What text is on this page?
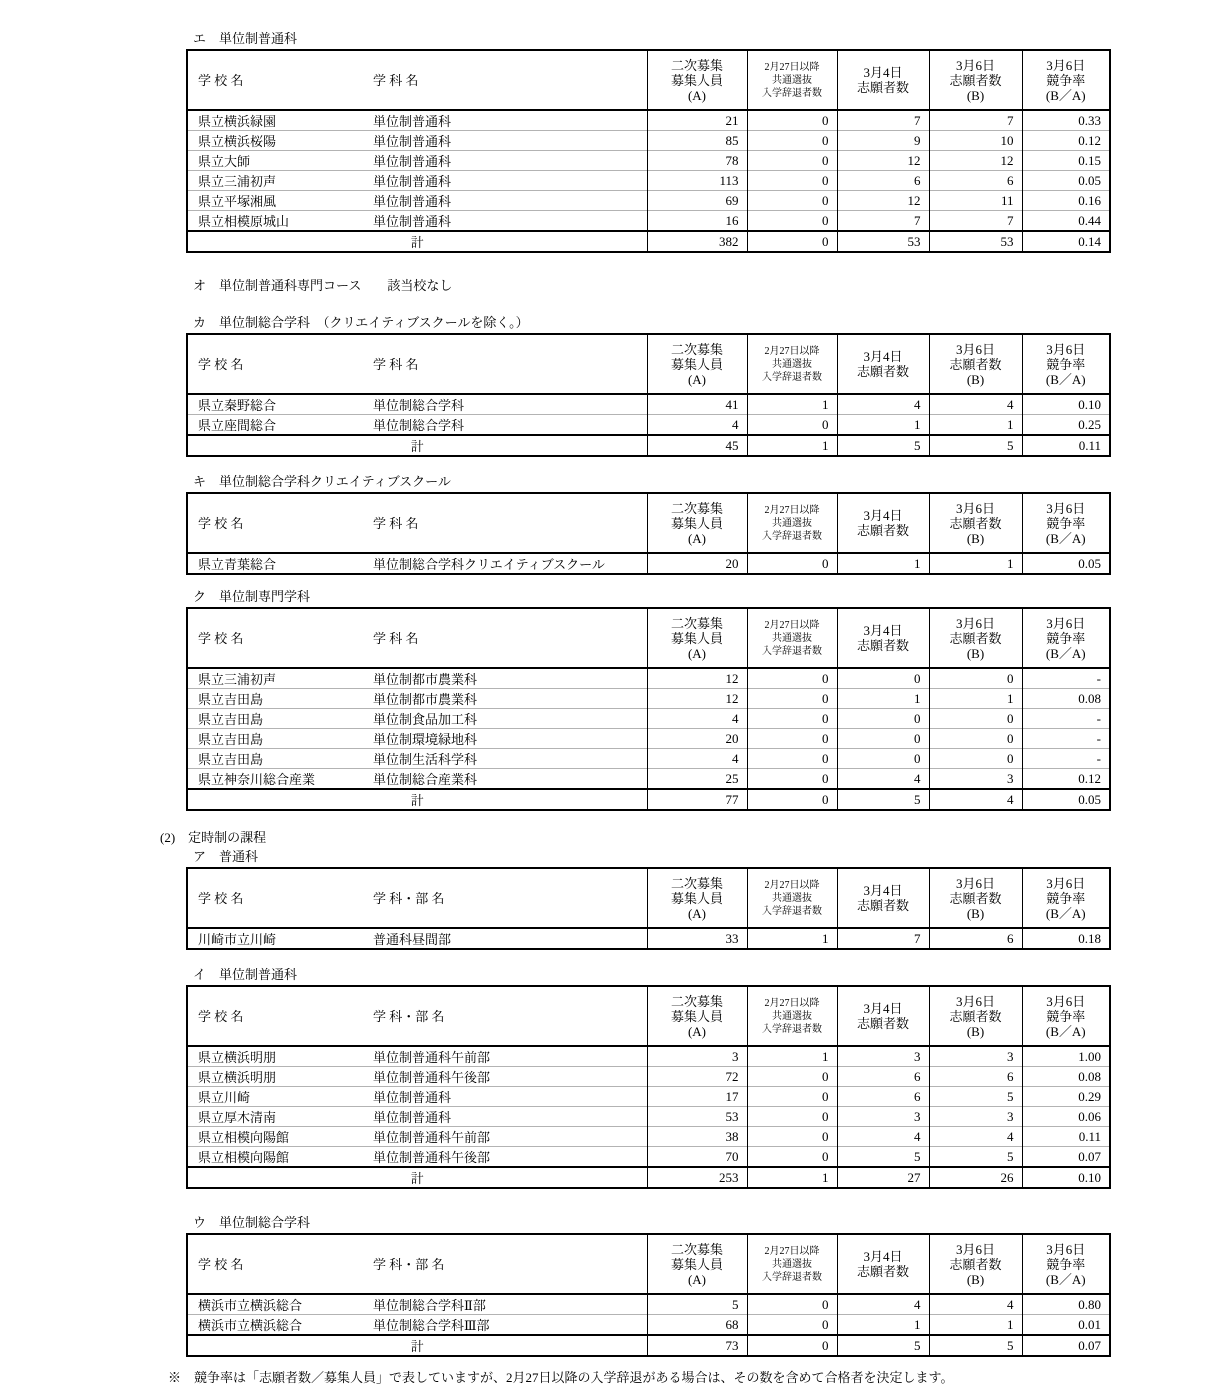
エ　単位制普通科
学 校 名	学 科 名	
二次募集
募集人員
(A)

2月27日以降
共通選抜
入学辞退者数

3月4日
志願者数

3月6日
志願者数
(B)

3月6日
競争率
(B／A)

県立横浜緑園 単位制普通科	21	0	7	7	0.33
県立横浜桜陽 単位制普通科	85	0	9	10	0.12
県立大師 単位制普通科	78	0	12	12	0.15
県立三浦初声 単位制普通科	113	0	6	6	0.05
県立平塚湘風 単位制普通科	69	0	12	11	0.16
県立相模原城山 単位制普通科	16	0	7	7	0.44
計	382	0	53	53	0.14
オ　単位制普通科専門コース　　該当校なし
カ　単位制総合学科　（クリエイティブスクールを除く。）
学 校 名	学 科 名	
二次募集
募集人員
(A)

2月27日以降
共通選抜
入学辞退者数

3月4日
志願者数

3月6日
志願者数
(B)

3月6日
競争率
(B／A)

県立秦野総合 単位制総合学科	41	1	4	4	0.10
県立座間総合 単位制総合学科	4	0	1	1	0.25
計	45	1	5	5	0.11
キ　単位制総合学科クリエイティブスクール
学 校 名	学 科 名	
二次募集
募集人員
(A)

2月27日以降
共通選抜
入学辞退者数

3月4日
志願者数

3月6日
志願者数
(B)

3月6日
競争率
(B／A)

県立青葉総合 単位制総合学科クリエイティブスクール	20	0	1	1	0.05
ク　単位制専門学科
学 校 名	学 科 名	
二次募集
募集人員
(A)

2月27日以降
共通選抜
入学辞退者数

3月4日
志願者数

3月6日
志願者数
(B)

3月6日
競争率
(B／A)

県立三浦初声 単位制都市農業科	12	0	0	0	-
県立吉田島 単位制都市農業科	12	0	1	1	0.08
県立吉田島 単位制食品加工科	4	0	0	0	-
県立吉田島 単位制環境緑地科	20	0	0	0	-
県立吉田島 単位制生活科学科	4	0	0	0	-
県立神奈川総合産業 単位制総合産業科	25	0	4	3	0.12
計	77	0	5	4	0.05
(2)　定時制の課程
ア　普通科
学 校 名	学 科・部 名	
二次募集
募集人員
(A)

2月27日以降
共通選抜
入学辞退者数

3月4日
志願者数

3月6日
志願者数
(B)

3月6日
競争率
(B／A)

川崎市立川崎 普通科昼間部	33	1	7	6	0.18
イ　単位制普通科
学 校 名	学 科・部 名	
二次募集
募集人員
(A)

2月27日以降
共通選抜
入学辞退者数

3月4日
志願者数

3月6日
志願者数
(B)

3月6日
競争率
(B／A)

県立横浜明朋 単位制普通科午前部	3	1	3	3	1.00
県立横浜明朋 単位制普通科午後部	72	0	6	6	0.08
県立川崎 単位制普通科	17	0	6	5	0.29
県立厚木清南 単位制普通科	53	0	3	3	0.06
県立相模向陽館 単位制普通科午前部	38	0	4	4	0.11
県立相模向陽館 単位制普通科午後部	70	0	5	5	0.07
計	253	1	27	26	0.10
ウ　単位制総合学科
学 校 名	学 科・部 名	
二次募集
募集人員
(A)

2月27日以降
共通選抜
入学辞退者数

3月4日
志願者数

3月6日
志願者数
(B)

3月6日
競争率
(B／A)

横浜市立横浜総合 単位制総合学科Ⅱ部	5	0	4	4	0.80
横浜市立横浜総合 単位制総合学科Ⅲ部	68	0	1	1	0.01
計	73	0	5	5	0.07
※　競争率は「志願者数／募集人員」で表していますが、2月27日以降の入学辞退がある場合は、その数を含めて合格者を決定します。
